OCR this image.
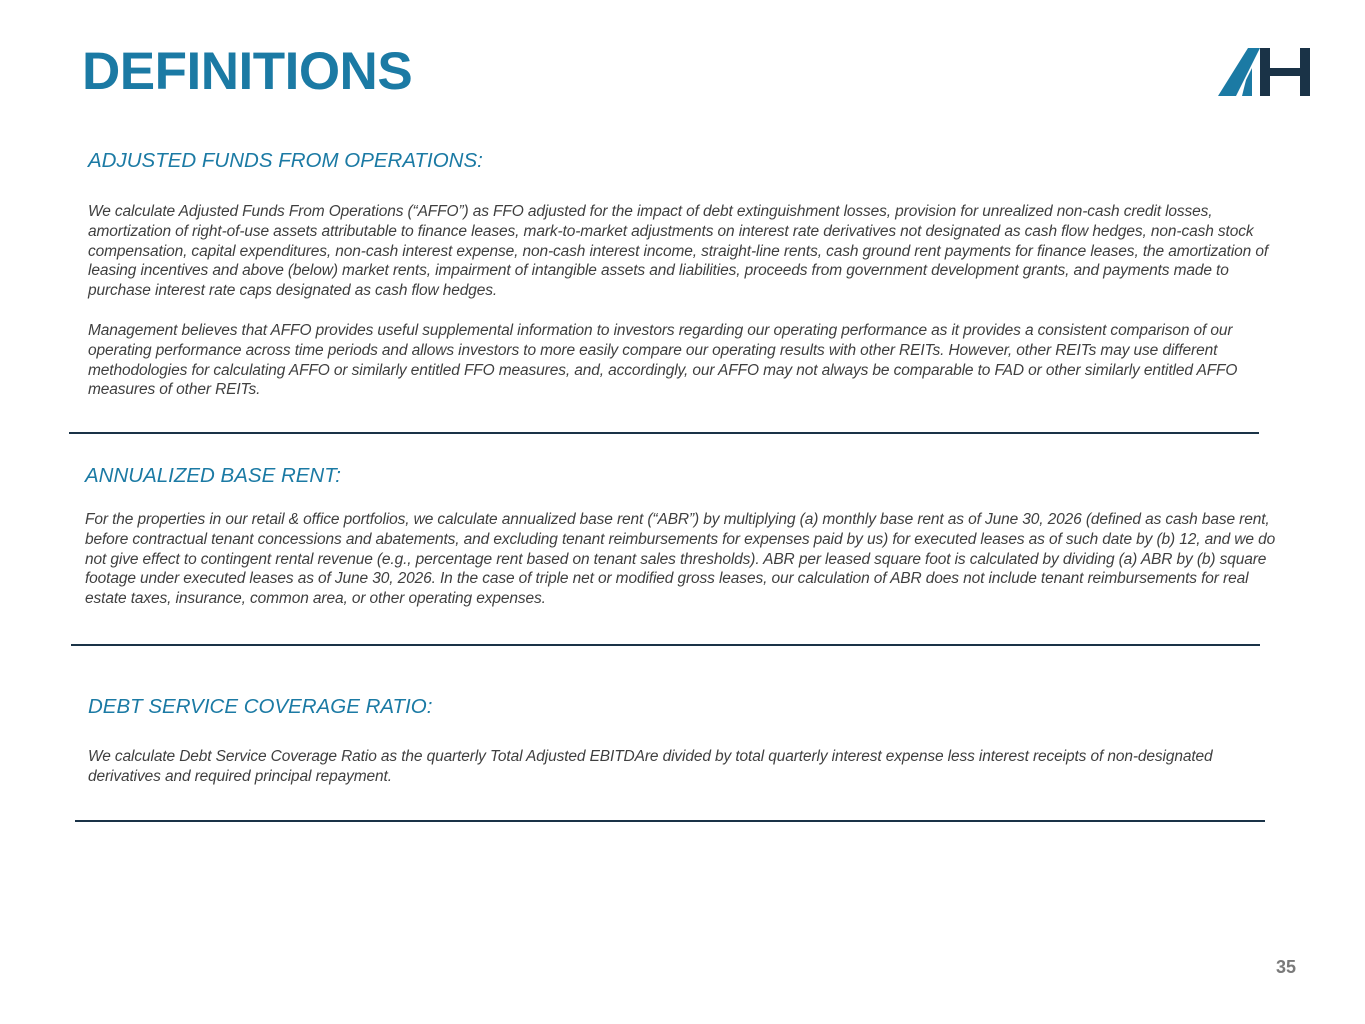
DEFINITIONS
ADJUSTED FUNDS FROM OPERATIONS:

We calculate Adjusted Funds From Operations (“AFFO”) as FFO adjusted for the impact of debt extinguishment losses, provision for unrealized non-cash credit losses, amortization of right-of-use assets attributable to finance leases, mark-to-market adjustments on interest rate derivatives not designated as cash flow hedges, non-cash stock compensation, capital expenditures, non-cash interest expense, non-cash interest income, straight-line rents, cash ground rent payments for finance leases, the amortization of leasing incentives and above (below) market rents, impairment of intangible assets and liabilities, proceeds from government development grants, and payments made to purchase interest rate caps designated as cash flow hedges.

Management believes that AFFO provides useful supplemental information to investors regarding our operating performance as it provides a consistent comparison of our operating performance across time periods and allows investors to more easily compare our operating results with other REITs. However, other REITs may use different methodologies for calculating AFFO or similarly entitled FFO measures, and, accordingly, our AFFO may not always be comparable to FAD or other similarly entitled AFFO measures of other REITs.

ANNUALIZED BASE RENT:

For the properties in our retail & office portfolios, we calculate annualized base rent (“ABR”) by multiplying (a) monthly base rent as of June 30, 2026 (defined as cash base rent, before contractual tenant concessions and abatements, and excluding tenant reimbursements for expenses paid by us) for executed leases as of such date by (b) 12, and we do not give effect to contingent rental revenue (e.g., percentage rent based on tenant sales thresholds). ABR per leased square foot is calculated by dividing (a) ABR by (b) square footage under executed leases as of June 30, 2026. In the case of triple net or modified gross leases, our calculation of ABR does not include tenant reimbursements for real estate taxes, insurance, common area, or other operating expenses.

DEBT SERVICE COVERAGE RATIO:

We calculate Debt Service Coverage Ratio as the quarterly Total Adjusted EBITDAre divided by total quarterly interest expense less interest receipts of non-designated derivatives and required principal repayment.

35
